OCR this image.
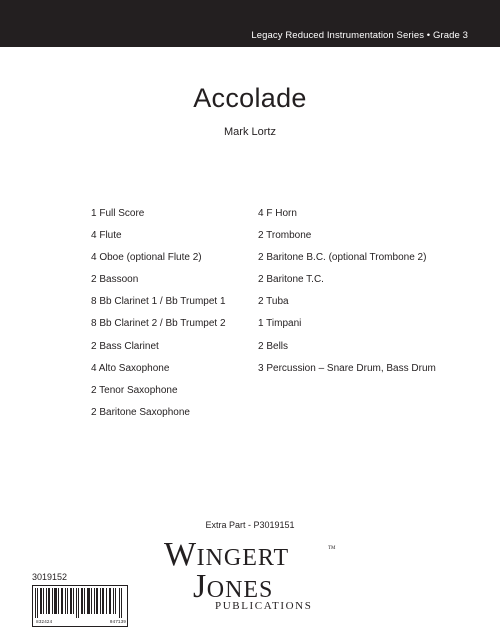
Legacy Reduced Instrumentation Series • Grade 3
Accolade
Mark Lortz
1 Full Score
4 Flute
4 Oboe (optional Flute 2)
2 Bassoon
8 Bb Clarinet 1 / Bb Trumpet 1
8 Bb Clarinet 2 / Bb Trumpet 2
2 Bass Clarinet
4 Alto Saxophone
2 Tenor Saxophone
2 Baritone Saxophone
4 F Horn
2 Trombone
2 Baritone B.C. (optional Trombone 2)
2 Baritone T.C.
2 Tuba
1 Timpani
2 Bells
3 Percussion – Snare Drum, Bass Drum
Extra Part - P3019151
WINGERT
JONES
PUBLICATIONS
TM
3019152
832424	047139
